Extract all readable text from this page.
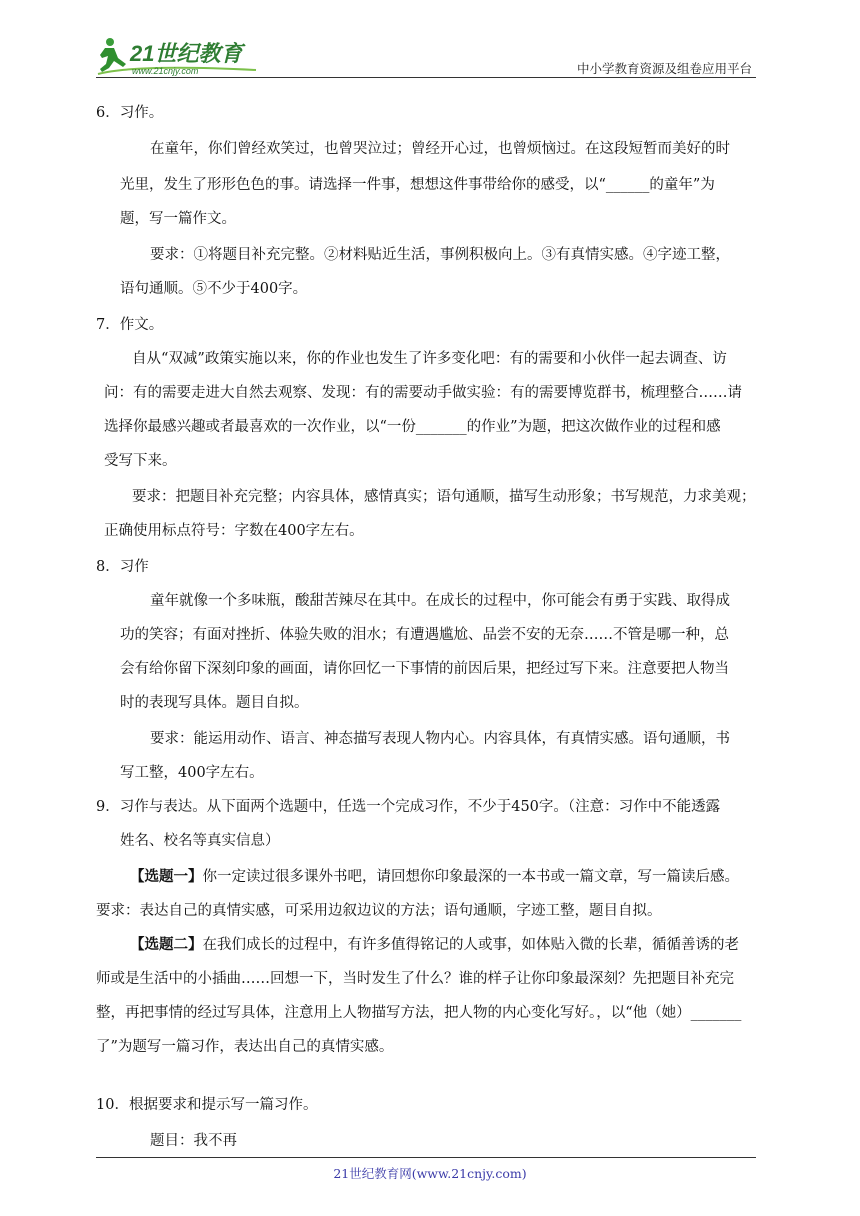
21世纪教育
www.21cnjy.com	中小学教育资源及组卷应用平台
6．习作。
在童年，你们曾经欢笑过，也曾哭泣过；曾经开心过，也曾烦恼过。在这段短暂而美好的时
光里，发生了形形色色的事。请选择一件事，想想这件事带给你的感受，以“______的童年”为
题，写一篇作文。
要求：①将题目补充完整。②材料贴近生活，事例积极向上。③有真情实感。④字迹工整，
语句通顺。⑤不少于400字。
7．作文。
自从“双减”政策实施以来，你的作业也发生了许多变化吧：有的需要和小伙伴一起去调查、访
问：有的需要走进大自然去观察、发现：有的需要动手做实验：有的需要博览群书，梳理整合……请
选择你最感兴趣或者最喜欢的一次作业，以“一份_______的作业”为题，把这次做作业的过程和感
受写下来。
要求：把题目补充完整；内容具体，感情真实；语句通顺，描写生动形象；书写规范，力求美观；
正确使用标点符号：字数在400字左右。
8．习作
童年就像一个多味瓶，酸甜苦辣尽在其中。在成长的过程中，你可能会有勇于实践、取得成
功的笑容；有面对挫折、体验失败的泪水；有遭遇尴尬、品尝不安的无奈……不管是哪一种，总
会有给你留下深刻印象的画面，请你回忆一下事情的前因后果，把经过写下来。注意要把人物当
时的表现写具体。题目自拟。
要求：能运用动作、语言、神态描写表现人物内心。内容具体，有真情实感。语句通顺，书
写工整，400字左右。
9．习作与表达。从下面两个选题中，任选一个完成习作，不少于450字。（注意：习作中不能透露
姓名、校名等真实信息）
【选题一】你一定读过很多课外书吧，请回想你印象最深的一本书或一篇文章，写一篇读后感。
要求：表达自己的真情实感，可采用边叙边议的方法；语句通顺，字迹工整，题目自拟。
【选题二】在我们成长的过程中，有许多值得铭记的人或事，如体贴入微的长辈，循循善诱的老
师或是生活中的小插曲……回想一下，当时发生了什么？谁的样子让你印象最深刻？先把题目补充完
整，再把事情的经过写具体，注意用上人物描写方法，把人物的内心变化写好。，以“他（她）_______
了”为题写一篇习作，表达出自己的真情实感。
10．根据要求和提示写一篇习作。
题目：我不再
21世纪教育网(www.21cnjy.com)
